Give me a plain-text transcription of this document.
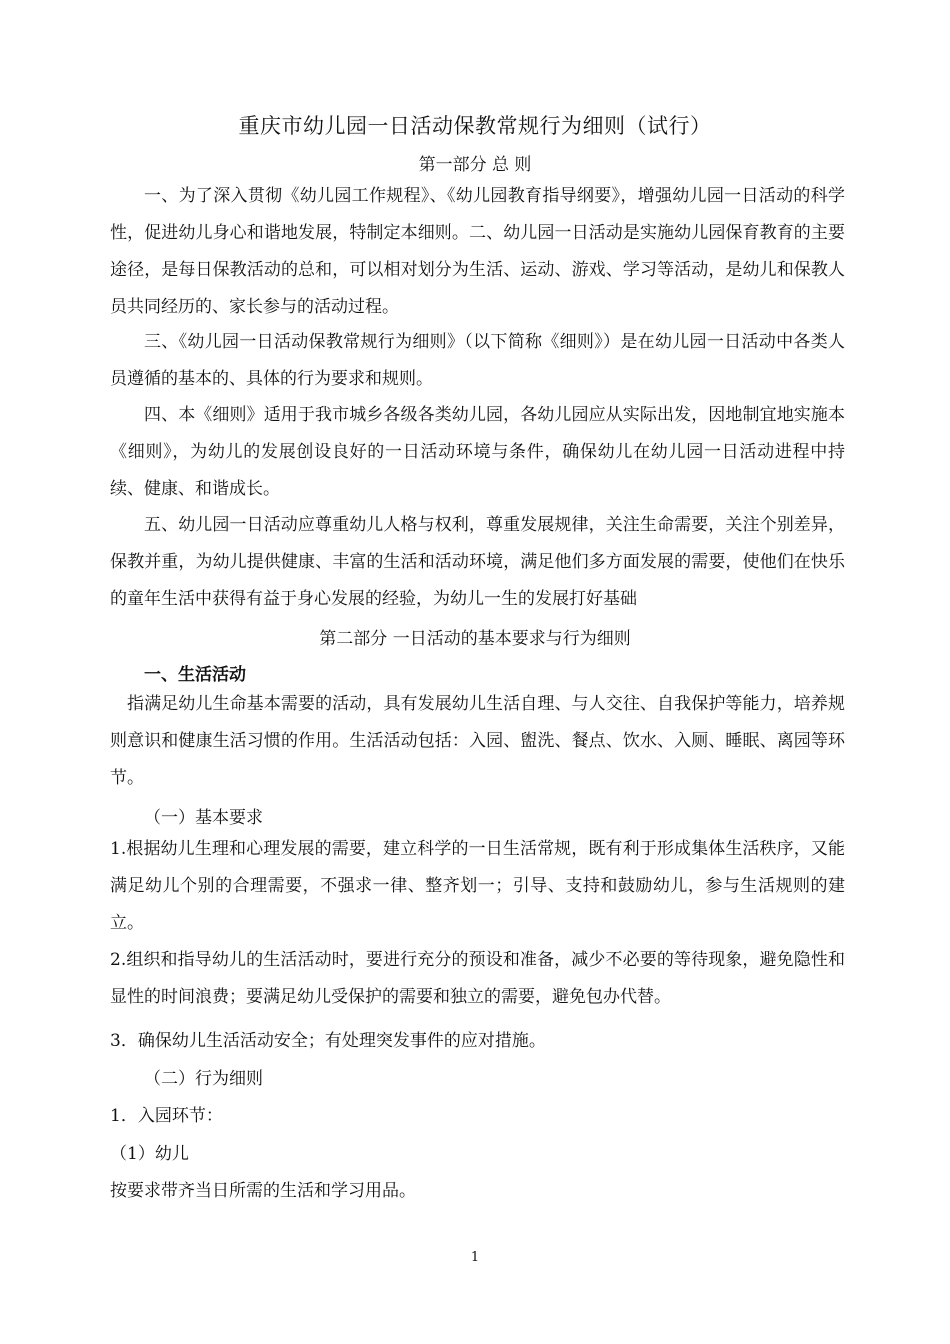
重庆市幼儿园一日活动保教常规行为细则（试行）
第一部分 总 则

一、为了深入贯彻《幼儿园工作规程》、《幼儿园教育指导纲要》，增强幼儿园一日活动的科学性，促进幼儿身心和谐地发展，特制定本细则。二、幼儿园一日活动是实施幼儿园保育教育的主要途径，是每日保教活动的总和，可以相对划分为生活、运动、游戏、学习等活动，是幼儿和保教人员共同经历的、家长参与的活动过程。

三、《幼儿园一日活动保教常规行为细则》（以下简称《细则》）是在幼儿园一日活动中各类人员遵循的基本的、具体的行为要求和规则。

四、本《细则》适用于我市城乡各级各类幼儿园，各幼儿园应从实际出发，因地制宜地实施本《细则》，为幼儿的发展创设良好的一日活动环境与条件，确保幼儿在幼儿园一日活动进程中持续、健康、和谐成长。

五、幼儿园一日活动应尊重幼儿人格与权利，尊重发展规律，关注生命需要，关注个别差异，保教并重，为幼儿提供健康、丰富的生活和活动环境，满足他们多方面发展的需要，使他们在快乐的童年生活中获得有益于身心发展的经验，为幼儿一生的发展打好基础

第二部分 一日活动的基本要求与行为细则
一、生活活动

指满足幼儿生命基本需要的活动，具有发展幼儿生活自理、与人交往、自我保护等能力，培养规则意识和健康生活习惯的作用。生活活动包括：入园、盥洗、餐点、饮水、入厕、睡眠、离园等环节。

（一）基本要求

1.根据幼儿生理和心理发展的需要，建立科学的一日生活常规，既有利于形成集体生活秩序，又能满足幼儿个别的合理需要，不强求一律、整齐划一；引导、支持和鼓励幼儿，参与生活规则的建立。

2.组织和指导幼儿的生活活动时，要进行充分的预设和准备，减少不必要的等待现象，避免隐性和显性的时间浪费；要满足幼儿受保护的需要和独立的需要，避免包办代替。

3．确保幼儿生活活动安全；有处理突发事件的应对措施。
（二）行为细则
1．入园环节：
（1）幼儿
按要求带齐当日所需的生活和学习用品。
1
